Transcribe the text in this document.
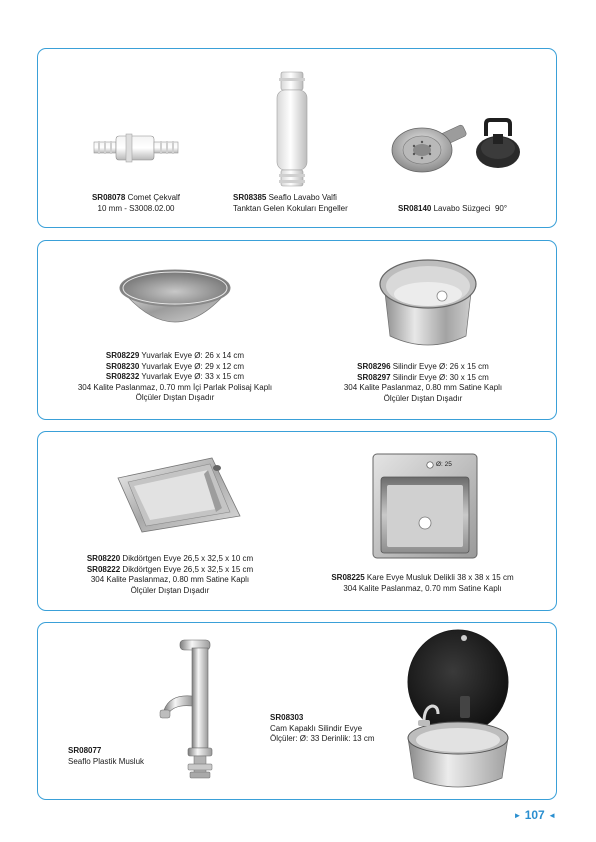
SR08078 Comet Çekvalf
10 mm - S3008.02.00
SR08385 Seaflo Lavabo Valfi
Tanktan Gelen Kokuları Engeller	SR08140 Lavabo Süzgeci 90°
SR08229 Yuvarlak Evye Ø: 26 x 14 cm
SR08230 Yuvarlak Evye Ø: 29 x 12 cm
SR08232 Yuvarlak Evye Ø: 33 x 15 cm
304 Kalite Paslanmaz, 0.70 mm İçi Parlak Polisaj Kaplı
Ölçüler Dıştan Dışadır
SR08296 Silindir Evye Ø: 26 x 15 cm
SR08297 Silindir Evye Ø: 30 x 15 cm
304 Kalite Paslanmaz, 0.80 mm Satine Kaplı
Ölçüler Dıştan Dışadır
Ø: 25
SR08220 Dikdörtgen Evye 26,5 x 32,5 x 10 cm
SR08222 Dikdörtgen Evye 26,5 x 32,5 x 15 cm
304 Kalite Paslanmaz, 0.80 mm Satine Kaplı
Ölçüler Dıştan Dışadır
SR08225 Kare Evye Musluk Delikli 38 x 38 x 15 cm
304 Kalite Paslanmaz, 0.70 mm Satine Kaplı
SR08077
Seaflo Plastik Musluk
SR08303
Cam Kapaklı Silindir Evye
Ölçüler: Ø: 33 Derinlik: 13 cm
► 107 ◄
